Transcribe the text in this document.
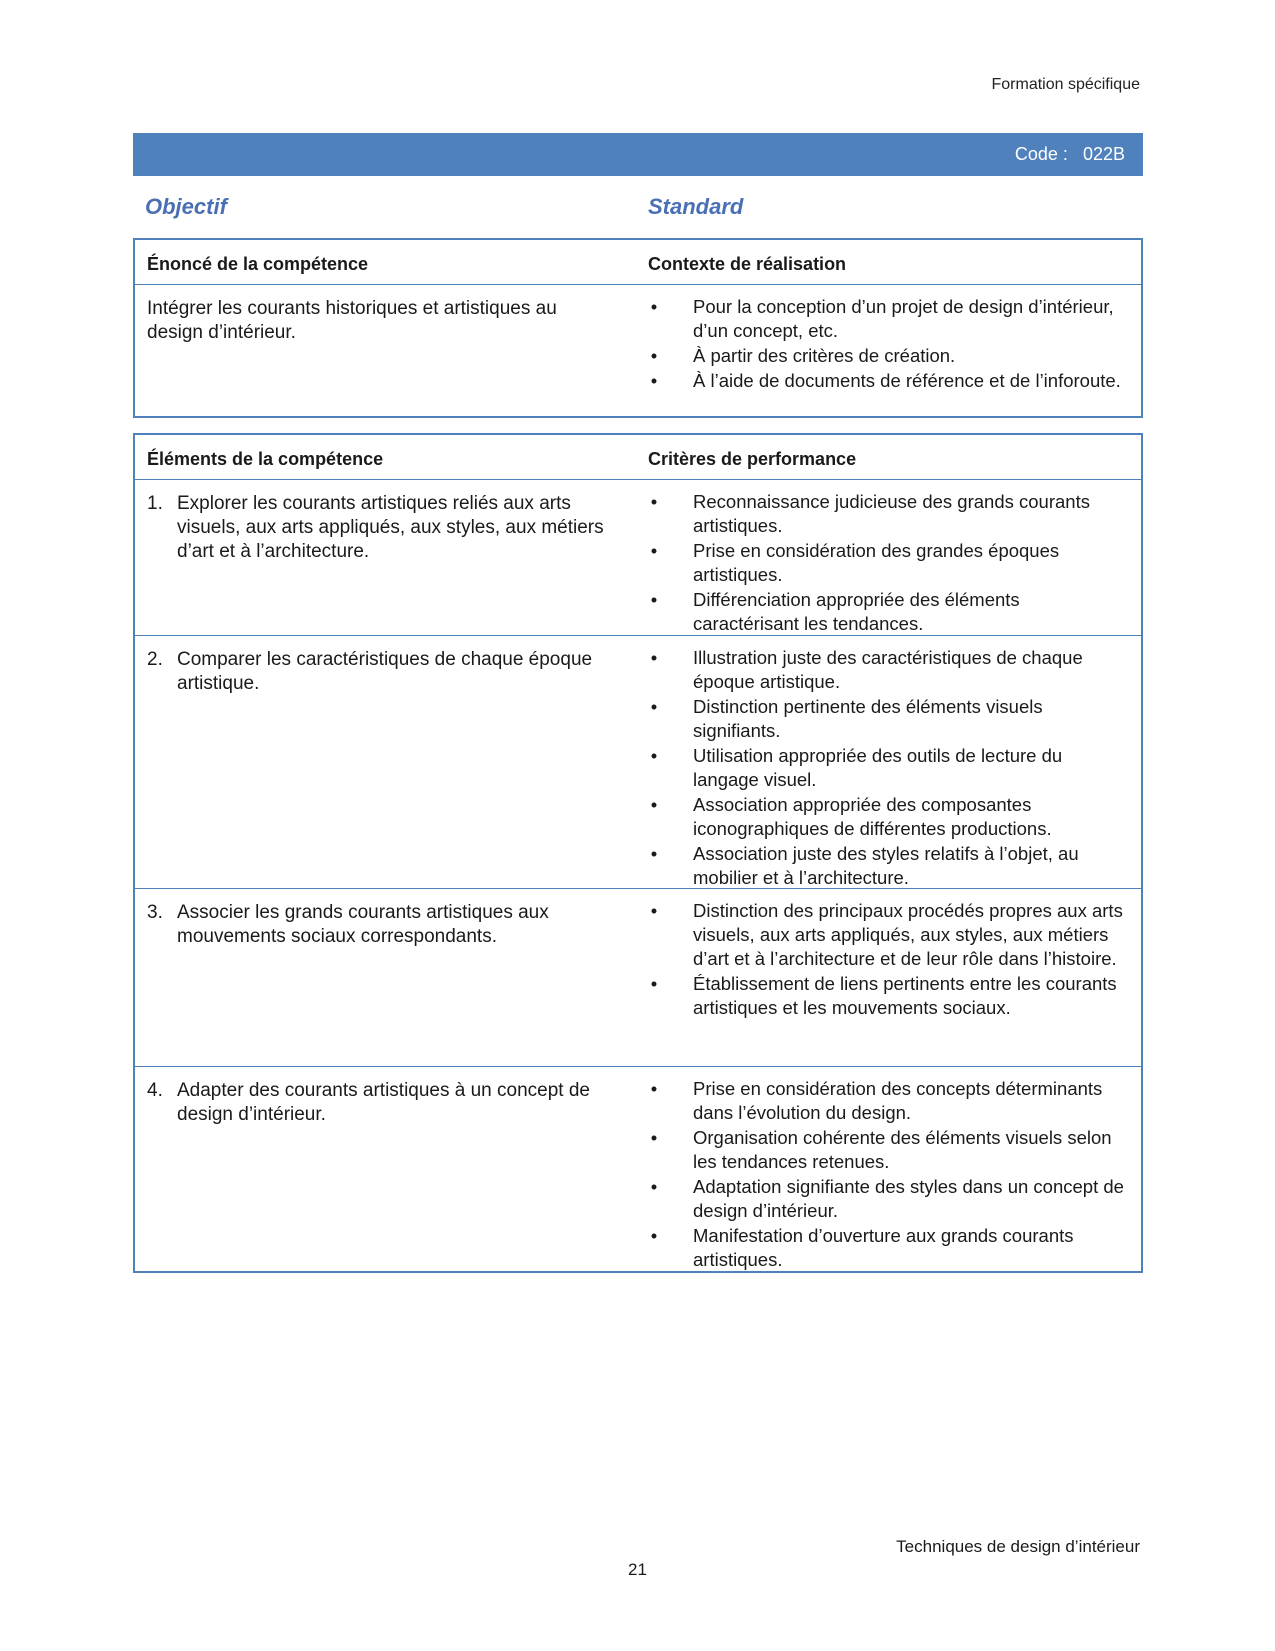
Formation spécifique
Code :
022B
Objectif	Standard
Énoncé de la compétence	Contexte de réalisation
Intégrer les courants historiques et artistiques au design d’intérieur.
• Pour la conception d’un projet de design d’intérieur, d’un concept, etc.
• À partir des critères de création.
• À l’aide de documents de référence et de l’inforoute.
Éléments de la compétence	Critères de performance
1. Explorer les courants artistiques reliés aux arts visuels, aux arts appliqués, aux styles, aux métiers d’art et à l’architecture.
• Reconnaissance judicieuse des grands courants artistiques.
• Prise en considération des grandes époques artistiques.
• Différenciation appropriée des éléments caractérisant les tendances.
2. Comparer les caractéristiques de chaque époque artistique.
• Illustration juste des caractéristiques de chaque époque artistique.
• Distinction pertinente des éléments visuels signifiants.
• Utilisation appropriée des outils de lecture du langage visuel.
• Association appropriée des composantes iconographiques de différentes productions.
• Association juste des styles relatifs à l’objet, au mobilier et à l’architecture.
3. Associer les grands courants artistiques aux mouvements sociaux correspondants.
• Distinction des principaux procédés propres aux arts visuels, aux arts appliqués, aux styles, aux métiers d’art et à l’architecture et de leur rôle dans l’histoire.
• Établissement de liens pertinents entre les courants artistiques et les mouvements sociaux.
4. Adapter des courants artistiques à un concept de design d’intérieur.
• Prise en considération des concepts déterminants dans l’évolution du design.
• Organisation cohérente des éléments visuels selon les tendances retenues.
• Adaptation signifiante des styles dans un concept de design d’intérieur.
• Manifestation d’ouverture aux grands courants artistiques.
Techniques de design d’intérieur
21
